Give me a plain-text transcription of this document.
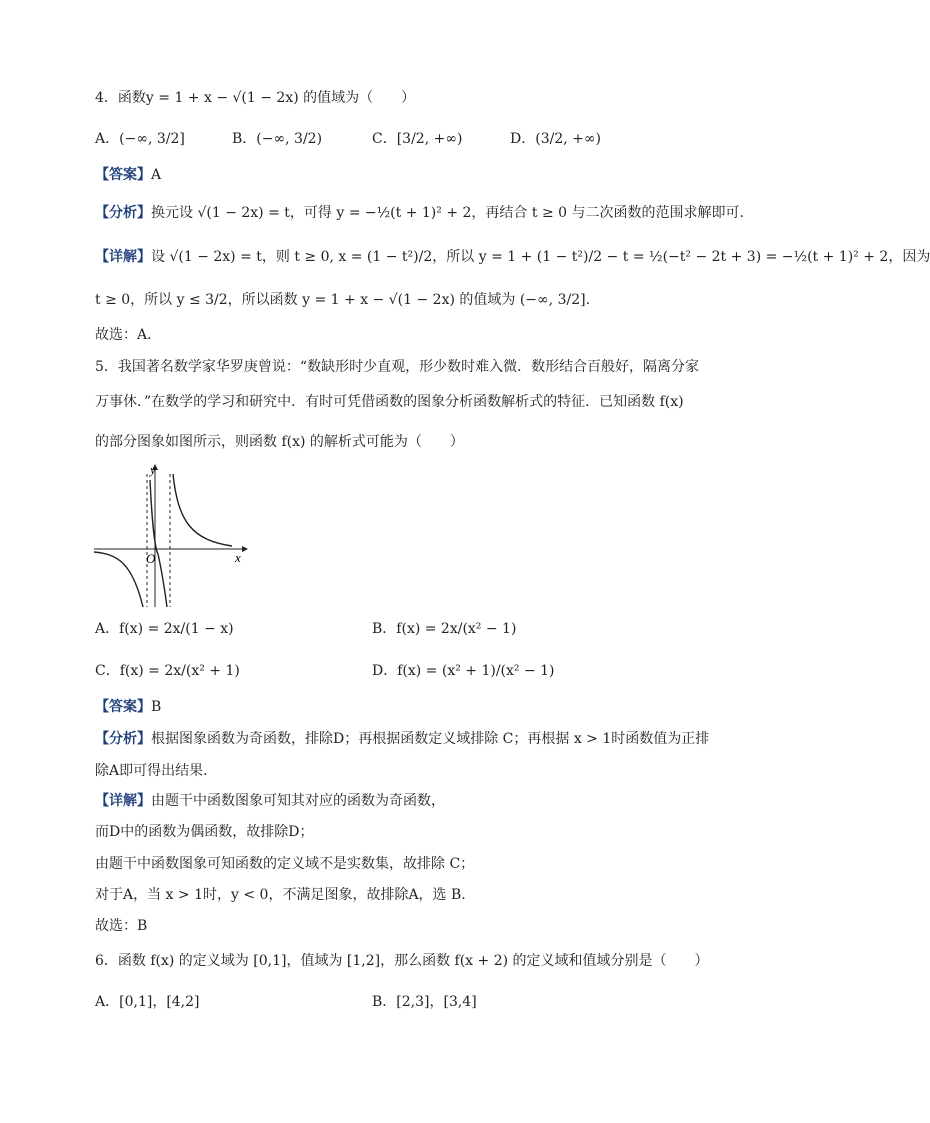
4．函数y = 1 + x − √(1 − 2x) 的值域为（　　）
A．(−∞, 3/2]	B．(−∞, 3/2)	C．[3/2, +∞)	D．(3/2, +∞)
【答案】A
【分析】换元设 √(1 − 2x) = t，可得 y = −½(t + 1)² + 2，再结合 t ≥ 0 与二次函数的范围求解即可.
【详解】设 √(1 − 2x) = t，则 t ≥ 0, x = (1 − t²)/2，所以 y = 1 + (1 − t²)/2 − t = ½(−t² − 2t + 3) = −½(t + 1)² + 2，因为
t ≥ 0，所以 y ≤ 3/2，所以函数 y = 1 + x − √(1 − 2x) 的值域为 (−∞, 3/2].
故选：A．
5．我国著名数学家华罗庚曾说：“数缺形时少直观，形少数时难入微．数形结合百般好，隔离分家
万事休．”在数学的学习和研究中．有时可凭借函数的图象分析函数解析式的特征．已知函数 f(x)
的部分图象如图所示，则函数 f(x) 的解析式可能为（　　）
y
x
O
A．f(x) = 2x/(1 − x)	B．f(x) = 2x/(x² − 1)
C．f(x) = 2x/(x² + 1)	D．f(x) = (x² + 1)/(x² − 1)
【答案】B
【分析】根据图象函数为奇函数，排除D；再根据函数定义域排除 C；再根据 x > 1时函数值为正排
除A即可得出结果.
【详解】由题干中函数图象可知其对应的函数为奇函数，
而D中的函数为偶函数，故排除D；
由题干中函数图象可知函数的定义域不是实数集，故排除 C；
对于A，当 x > 1时，y < 0，不满足图象，故排除A，选 B.
故选：B
6．函数 f(x) 的定义域为 [0,1]，值域为 [1,2]，那么函数 f(x + 2) 的定义域和值域分别是（　　）
A．[0,1]，[4,2]	B．[2,3]，[3,4]
